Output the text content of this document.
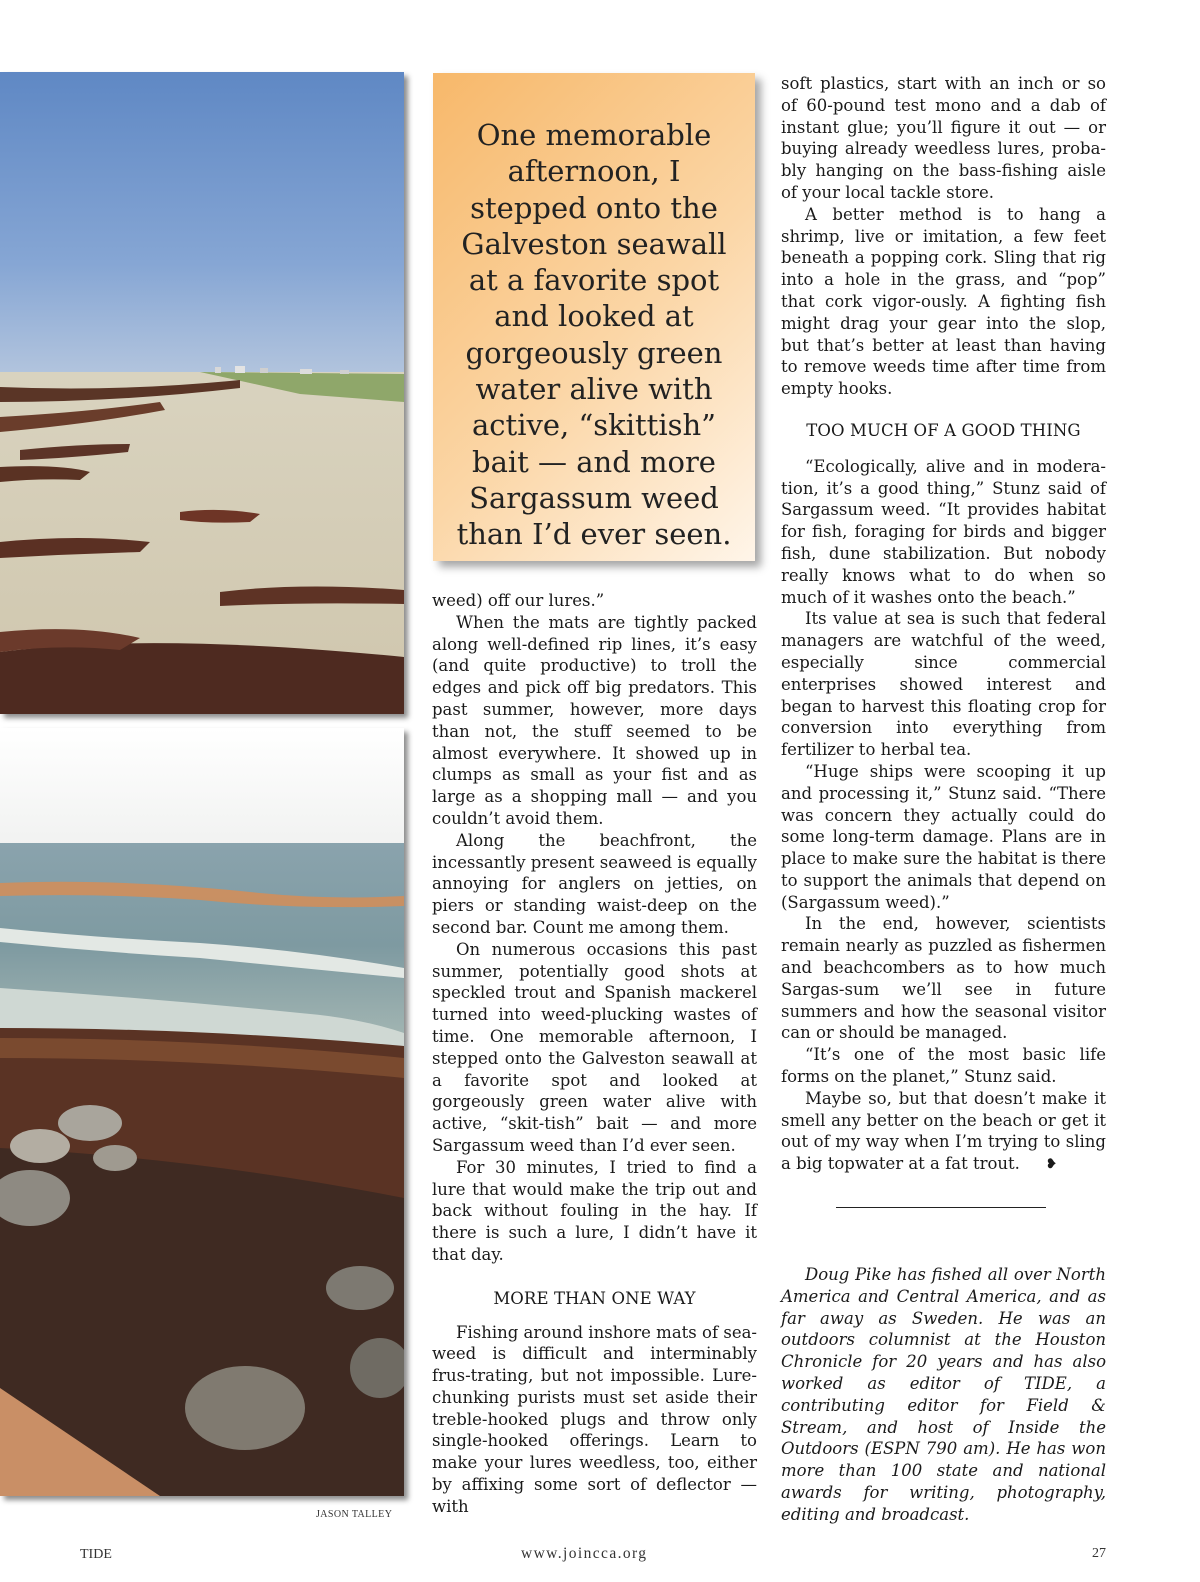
One memorable afternoon, I stepped onto the Galveston seawall at a favorite spot and looked at gorgeously green water alive with active, “skittish” bait — and more Sargassum weed than I’d ever seen.

weed) off our lures.”

When the mats are tightly packed along well-defined rip lines, it’s easy (and quite productive) to troll the edges and pick off big predators. This past summer, however, more days than not, the stuff seemed to be almost everywhere. It showed up in clumps as small as your fist and as large as a shopping mall — and you couldn’t avoid them.

Along the beachfront, the incessantly present seaweed is equally annoying for anglers on jetties, on piers or standing waist-deep on the second bar. Count me among them.

On numerous occasions this past summer, potentially good shots at speckled trout and Spanish mackerel turned into weed-plucking wastes of time. One memorable afternoon, I stepped onto the Galveston seawall at a favorite spot and looked at gorgeously green water alive with active, “skit-tish” bait — and more Sargassum weed than I’d ever seen.

For 30 minutes, I tried to find a lure that would make the trip out and back without fouling in the hay. If there is such a lure, I didn’t have it that day.

MORE THAN ONE WAY

Fishing around inshore mats of sea-weed is difficult and interminably frus-trating, but not impossible. Lure-chunking purists must set aside their treble-hooked plugs and throw only single-hooked offerings. Learn to make your lures weedless, too, either by affixing some sort of deflector — with

soft plastics, start with an inch or so of 60-pound test mono and a dab of instant glue; you’ll figure it out — or buying already weedless lures, proba-bly hanging on the bass-fishing aisle of your local tackle store.

A better method is to hang a shrimp, live or imitation, a few feet beneath a popping cork. Sling that rig into a hole in the grass, and “pop” that cork vigor-ously. A fighting fish might drag your gear into the slop, but that’s better at least than having to remove weeds time after time from empty hooks.

TOO MUCH OF A GOOD THING

“Ecologically, alive and in modera-tion, it’s a good thing,” Stunz said of Sargassum weed. “It provides habitat for fish, foraging for birds and bigger fish, dune stabilization. But nobody really knows what to do when so much of it washes onto the beach.”

Its value at sea is such that federal managers are watchful of the weed, especially since commercial enterprises showed interest and began to harvest this floating crop for conversion into everything from fertilizer to herbal tea.

“Huge ships were scooping it up and processing it,” Stunz said. “There was concern they actually could do some long-term damage. Plans are in place to make sure the habitat is there to support the animals that depend on (Sargassum weed).”

In the end, however, scientists remain nearly as puzzled as fishermen and beachcombers as to how much Sargas-sum we’ll see in future summers and how the seasonal visitor can or should be managed.

“It’s one of the most basic life forms on the planet,” Stunz said.

Maybe so, but that doesn’t make it smell any better on the beach or get it out of my way when I’m trying to sling a big topwater at a fat trout. ❥

Doug Pike has fished all over North America and Central America, and as far away as Sweden. He was an outdoors columnist at the Houston Chronicle for 20 years and has also worked as editor of TIDE, a contributing editor for Field & Stream, and host of Inside the Outdoors (ESPN 790 am). He has won more than 100 state and national awards for writing, photography, editing and broadcast.

TIDE
JASON TALLEY
www.joincca.org	27
